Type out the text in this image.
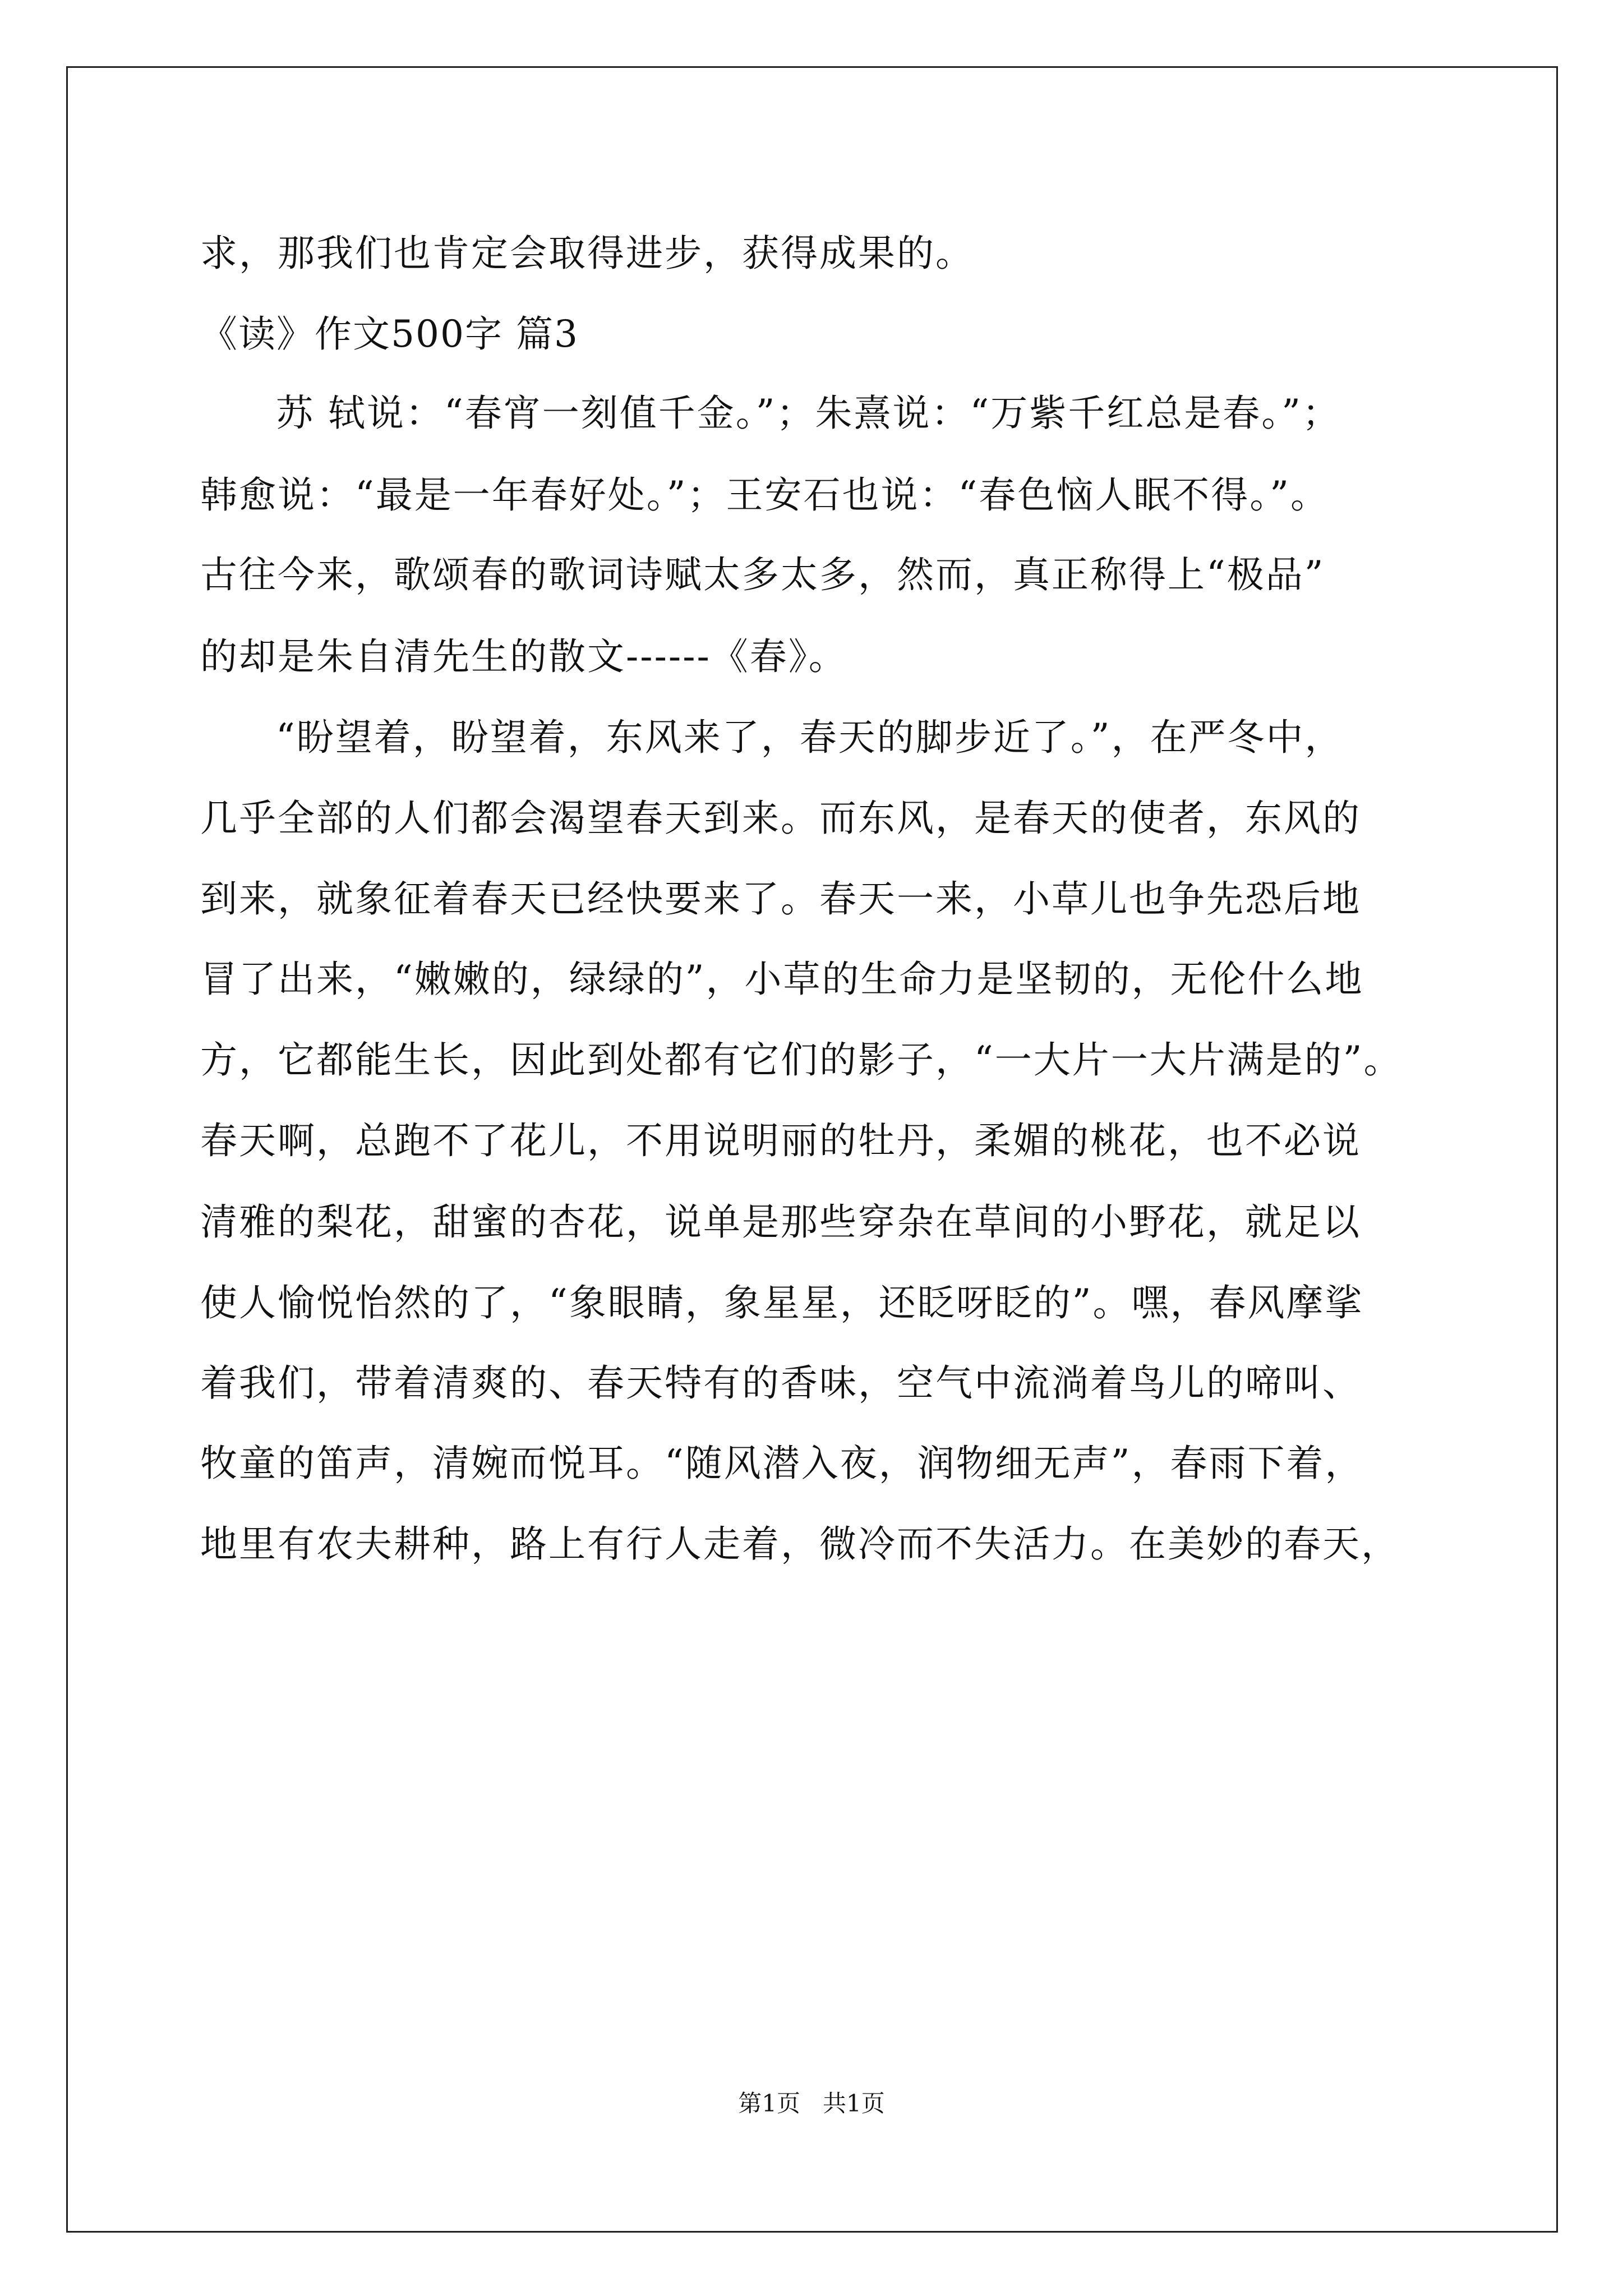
求，那我们也肯定会取得进步，获得成果的。

《读》作文500字 篇3

苏 轼说：“春宵一刻值千金。”；朱熹说：“万紫千红总是春。”；

韩愈说：“最是一年春好处。”；王安石也说：“春色恼人眠不得。”。

古往今来，歌颂春的歌词诗赋太多太多，然而，真正称得上“极品”

的却是朱自清先生的散文------《春》。

“盼望着，盼望着，东风来了，春天的脚步近了。”，在严冬中，

几乎全部的人们都会渴望春天到来。而东风，是春天的使者，东风的

到来，就象征着春天已经快要来了。春天一来，小草儿也争先恐后地

冒了出来，“嫩嫩的，绿绿的”，小草的生命力是坚韧的，无伦什么地

方，它都能生长，因此到处都有它们的影子，“一大片一大片满是的”。

春天啊，总跑不了花儿，不用说明丽的牡丹，柔媚的桃花，也不必说

清雅的梨花，甜蜜的杏花，说单是那些穿杂在草间的小野花，就足以

使人愉悦怡然的了，“象眼睛，象星星，还眨呀眨的”。嘿，春风摩挲

着我们，带着清爽的、春天特有的香味，空气中流淌着鸟儿的啼叫、

牧童的笛声，清婉而悦耳。“随风潜入夜，润物细无声”，春雨下着，

地里有农夫耕种，路上有行人走着，微冷而不失活力。在美妙的春天，

第1页   共1页
